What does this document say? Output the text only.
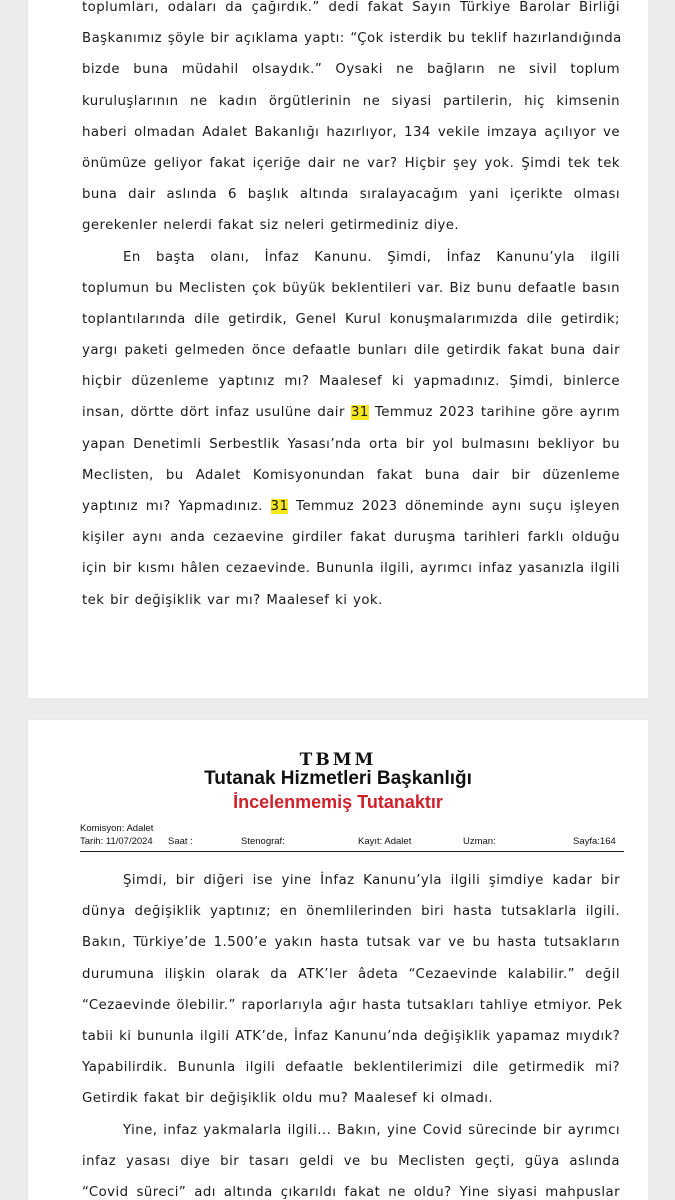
toplumları, odaları da çağırdık.” dedi fakat Sayın Türkiye Barolar Birliği
Başkanımız şöyle bir açıklama yaptı: “Çok isterdik bu teklif hazırlandığında
bizde buna müdahil olsaydık.” Oysaki ne bağların ne sivil toplum
kuruluşlarının ne kadın örgütlerinin ne siyasi partilerin, hiç kimsenin
haberi olmadan Adalet Bakanlığı hazırlıyor, 134 vekile imzaya açılıyor ve
önümüze geliyor fakat içeriğe dair ne var? Hiçbir şey yok. Şimdi tek tek
buna dair aslında 6 başlık altında sıralayacağım yani içerikte olması
gerekenler nelerdi fakat siz neleri getirmediniz diye.
En başta olanı, İnfaz Kanunu. Şimdi, İnfaz Kanunu’yla ilgili
toplumun bu Meclisten çok büyük beklentileri var. Biz bunu defaatle basın
toplantılarında dile getirdik, Genel Kurul konuşmalarımızda dile getirdik;
yargı paketi gelmeden önce defaatle bunları dile getirdik fakat buna dair
hiçbir düzenleme yaptınız mı? Maalesef ki yapmadınız. Şimdi, binlerce
insan, dörtte dört infaz usulüne dair 31 Temmuz 2023 tarihine göre ayrım
yapan Denetimli Serbestlik Yasası’nda orta bir yol bulmasını bekliyor bu
Meclisten, bu Adalet Komisyonundan fakat buna dair bir düzenleme
yaptınız mı? Yapmadınız. 31 Temmuz 2023 döneminde aynı suçu işleyen
kişiler aynı anda cezaevine girdiler fakat duruşma tarihleri farklı olduğu
için bir kısmı hâlen cezaevinde. Bununla ilgili, ayrımcı infaz yasanızla ilgili
tek bir değişiklik var mı? Maalesef ki yok.
TBMM
Tutanak Hizmetleri Başkanlığı
İncelenmemiş Tutanaktır
Komisyon: Adalet
Tarih: 11/07/2024 Saat :	Stenograf:	Kayıt: Adalet	Uzman:	Sayfa:164
Şimdi, bir diğeri ise yine İnfaz Kanunu’yla ilgili şimdiye kadar bir
dünya değişiklik yaptınız; en önemlilerinden biri hasta tutsaklarla ilgili.
Bakın, Türkiye’de 1.500’e yakın hasta tutsak var ve bu hasta tutsakların
durumuna ilişkin olarak da ATK’ler âdeta “Cezaevinde kalabilir.” değil
“Cezaevinde ölebilir.” raporlarıyla ağır hasta tutsakları tahliye etmiyor. Pek
tabii ki bununla ilgili ATK’de, İnfaz Kanunu’nda değişiklik yapamaz mıydık?
Yapabilirdik. Bununla ilgili defaatle beklentilerimizi dile getirmedik mi?
Getirdik fakat bir değişiklik oldu mu? Maalesef ki olmadı.
Yine, infaz yakmalarla ilgili... Bakın, yine Covid sürecinde bir ayrımcı
infaz yasası diye bir tasarı geldi ve bu Meclisten geçti, güya aslında
“Covid süreci” adı altında çıkarıldı fakat ne oldu? Yine siyasi mahpuslar
